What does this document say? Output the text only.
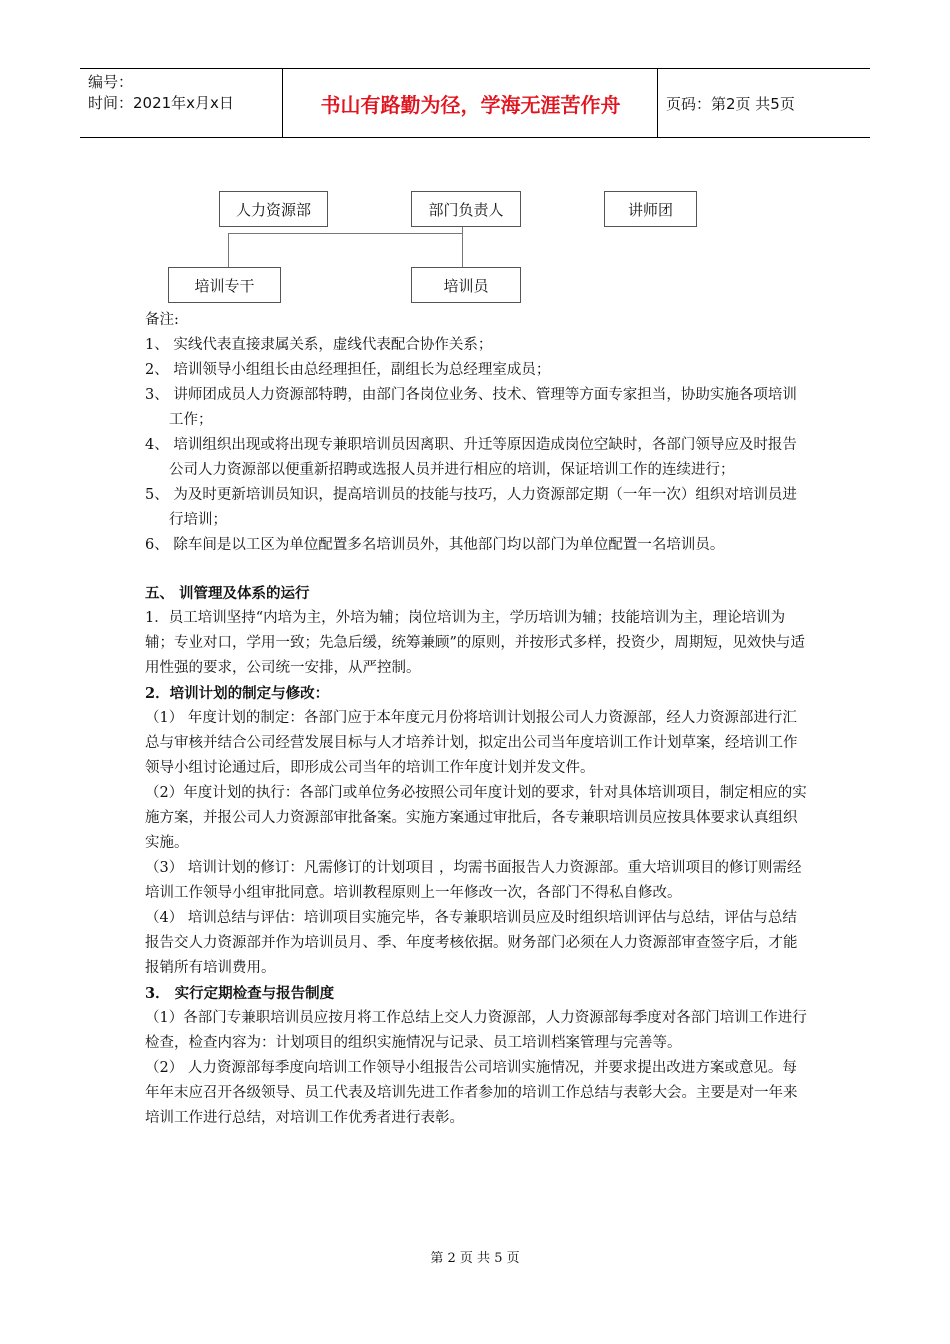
编号：
时间：2021年x月x日	书山有路勤为径，学海无涯苦作舟	页码：第2页 共5页
人力资源部	部门负责人	讲师团
培训专干	培训员

备注:

1、 实线代表直接隶属关系，虚线代表配合协作关系；

2、 培训领导小组组长由总经理担任，副组长为总经理室成员；

3、 讲师团成员人力资源部特聘，由部门各岗位业务、技术、管理等方面专家担当，协助实施各项培训工作；

4、 培训组织出现或将出现专兼职培训员因离职、升迁等原因造成岗位空缺时，各部门领导应及时报告公司人力资源部以便重新招聘或选报人员并进行相应的培训，保证培训工作的连续进行；

5、 为及时更新培训员知识，提高培训员的技能与技巧，人力资源部定期（一年一次）组织对培训员进行培训；

6、 除车间是以工区为单位配置多名培训员外，其他部门均以部门为单位配置一名培训员。

五、 训管理及体系的运行

1．员工培训坚持“内培为主，外培为辅；岗位培训为主，学历培训为辅；技能培训为主，理论培训为辅；专业对口，学用一致；先急后缓，统筹兼顾”的原则，并按形式多样，投资少，周期短，见效快与适用性强的要求，公司统一安排，从严控制。

2．培训计划的制定与修改：

（1） 年度计划的制定：各部门应于本年度元月份将培训计划报公司人力资源部，经人力资源部进行汇总与审核并结合公司经营发展目标与人才培养计划，拟定出公司当年度培训工作计划草案，经培训工作领导小组讨论通过后，即形成公司当年的培训工作年度计划并发文件。

（2）年度计划的执行：各部门或单位务必按照公司年度计划的要求，针对具体培训项目，制定相应的实施方案，并报公司人力资源部审批备案。实施方案通过审批后，各专兼职培训员应按具体要求认真组织实施。

（3） 培训计划的修订：凡需修订的计划项目 ，均需书面报告人力资源部。重大培训项目的修订则需经培训工作领导小组审批同意。培训教程原则上一年修改一次，各部门不得私自修改。

（4） 培训总结与评估：培训项目实施完毕，各专兼职培训员应及时组织培训评估与总结，评估与总结报告交人力资源部并作为培训员月、季、年度考核依据。财务部门必须在人力资源部审查签字后，才能报销所有培训费用。

3． 实行定期检查与报告制度

（1）各部门专兼职培训员应按月将工作总结上交人力资源部，人力资源部每季度对各部门培训工作进行检查，检查内容为：计划项目的组织实施情况与记录、员工培训档案管理与完善等。

（2） 人力资源部每季度向培训工作领导小组报告公司培训实施情况，并要求提出改进方案或意见。每年年末应召开各级领导、员工代表及培训先进工作者参加的培训工作总结与表彰大会。主要是对一年来培训工作进行总结，对培训工作优秀者进行表彰。

第 2 页 共 5 页
